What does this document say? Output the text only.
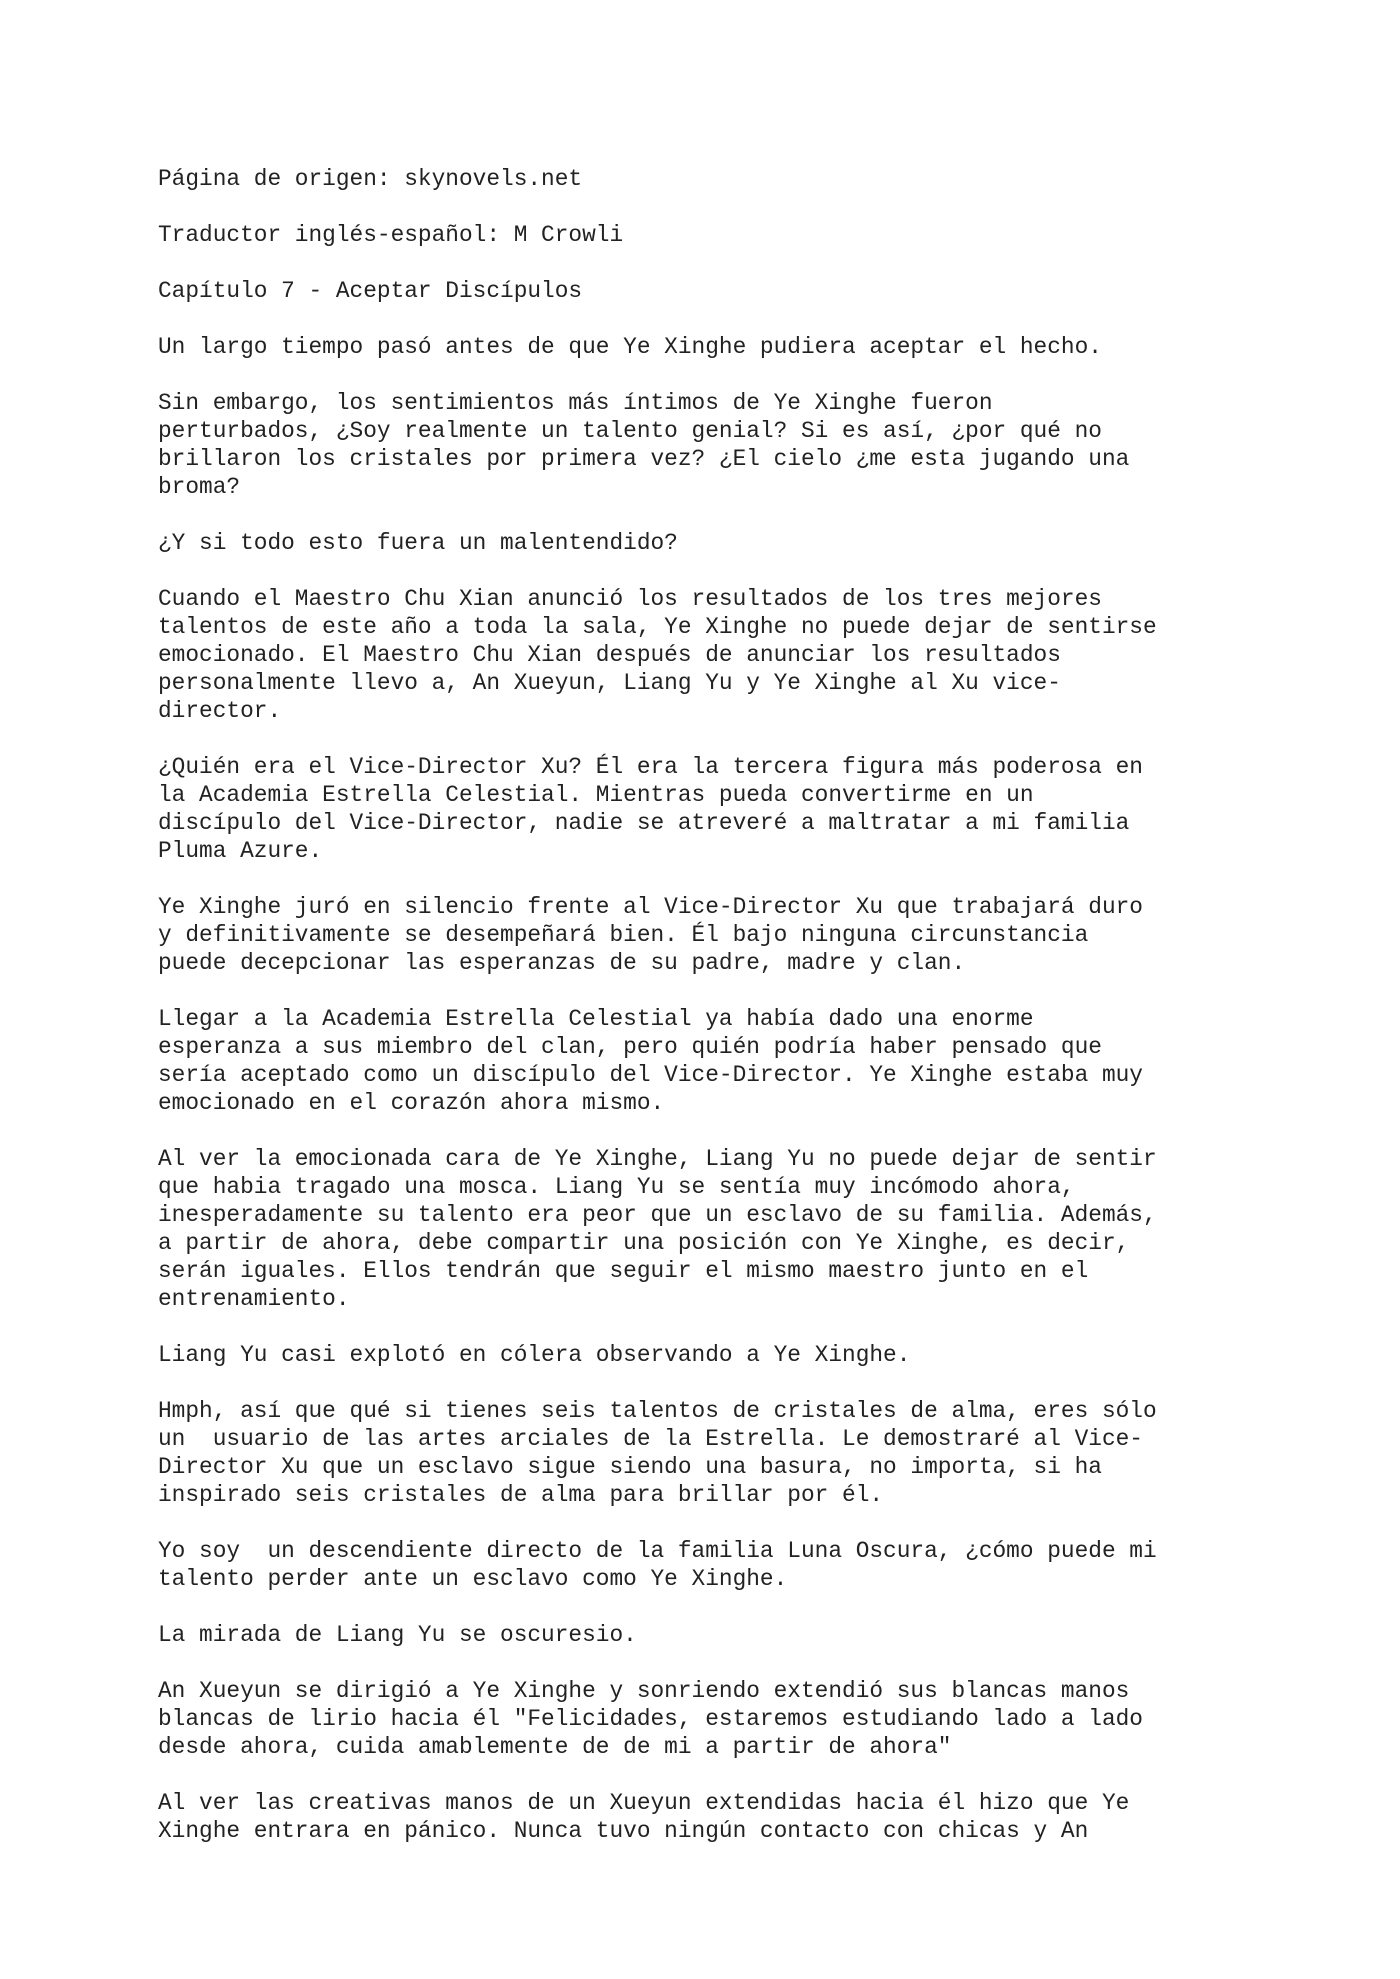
Página de origen: skynovels.net

Traductor inglés-español: M Crowli

Capítulo 7 - Aceptar Discípulos

Un largo tiempo pasó antes de que Ye Xinghe pudiera aceptar el hecho.
Sin embargo, los sentimientos más íntimos de Ye Xinghe fueron
perturbados, ¿Soy realmente un talento genial? Si es así, ¿por qué no
brillaron los cristales por primera vez? ¿El cielo ¿me esta jugando una
broma?
¿Y si todo esto fuera un malentendido?
Cuando el Maestro Chu Xian anunció los resultados de los tres mejores
talentos de este año a toda la sala, Ye Xinghe no puede dejar de sentirse
emocionado. El Maestro Chu Xian después de anunciar los resultados
personalmente llevo a, An Xueyun, Liang Yu y Ye Xinghe al Xu vice-
director.
¿Quién era el Vice-Director Xu? Él era la tercera figura más poderosa en
la Academia Estrella Celestial. Mientras pueda convertirme en un
discípulo del Vice-Director, nadie se atreveré a maltratar a mi familia
Pluma Azure.
Ye Xinghe juró en silencio frente al Vice-Director Xu que trabajará duro
y definitivamente se desempeñará bien. Él bajo ninguna circunstancia
puede decepcionar las esperanzas de su padre, madre y clan.
Llegar a la Academia Estrella Celestial ya había dado una enorme
esperanza a sus miembro del clan, pero quién podría haber pensado que
sería aceptado como un discípulo del Vice-Director. Ye Xinghe estaba muy
emocionado en el corazón ahora mismo.
Al ver la emocionada cara de Ye Xinghe, Liang Yu no puede dejar de sentir
que habia tragado una mosca. Liang Yu se sentía muy incómodo ahora,
inesperadamente su talento era peor que un esclavo de su familia. Además,
a partir de ahora, debe compartir una posición con Ye Xinghe, es decir,
serán iguales. Ellos tendrán que seguir el mismo maestro junto en el
entrenamiento.
Liang Yu casi explotó en cólera observando a Ye Xinghe.
Hmph, así que qué si tienes seis talentos de cristales de alma, eres sólo
un  usuario de las artes arciales de la Estrella. Le demostraré al Vice-
Director Xu que un esclavo sigue siendo una basura, no importa, si ha
inspirado seis cristales de alma para brillar por él.
Yo soy  un descendiente directo de la familia Luna Oscura, ¿cómo puede mi
talento perder ante un esclavo como Ye Xinghe.
La mirada de Liang Yu se oscuresio.
An Xueyun se dirigió a Ye Xinghe y sonriendo extendió sus blancas manos
blancas de lirio hacia él "Felicidades, estaremos estudiando lado a lado
desde ahora, cuida amablemente de de mi a partir de ahora"
Al ver las creativas manos de un Xueyun extendidas hacia él hizo que Ye
Xinghe entrara en pánico. Nunca tuvo ningún contacto con chicas y An
